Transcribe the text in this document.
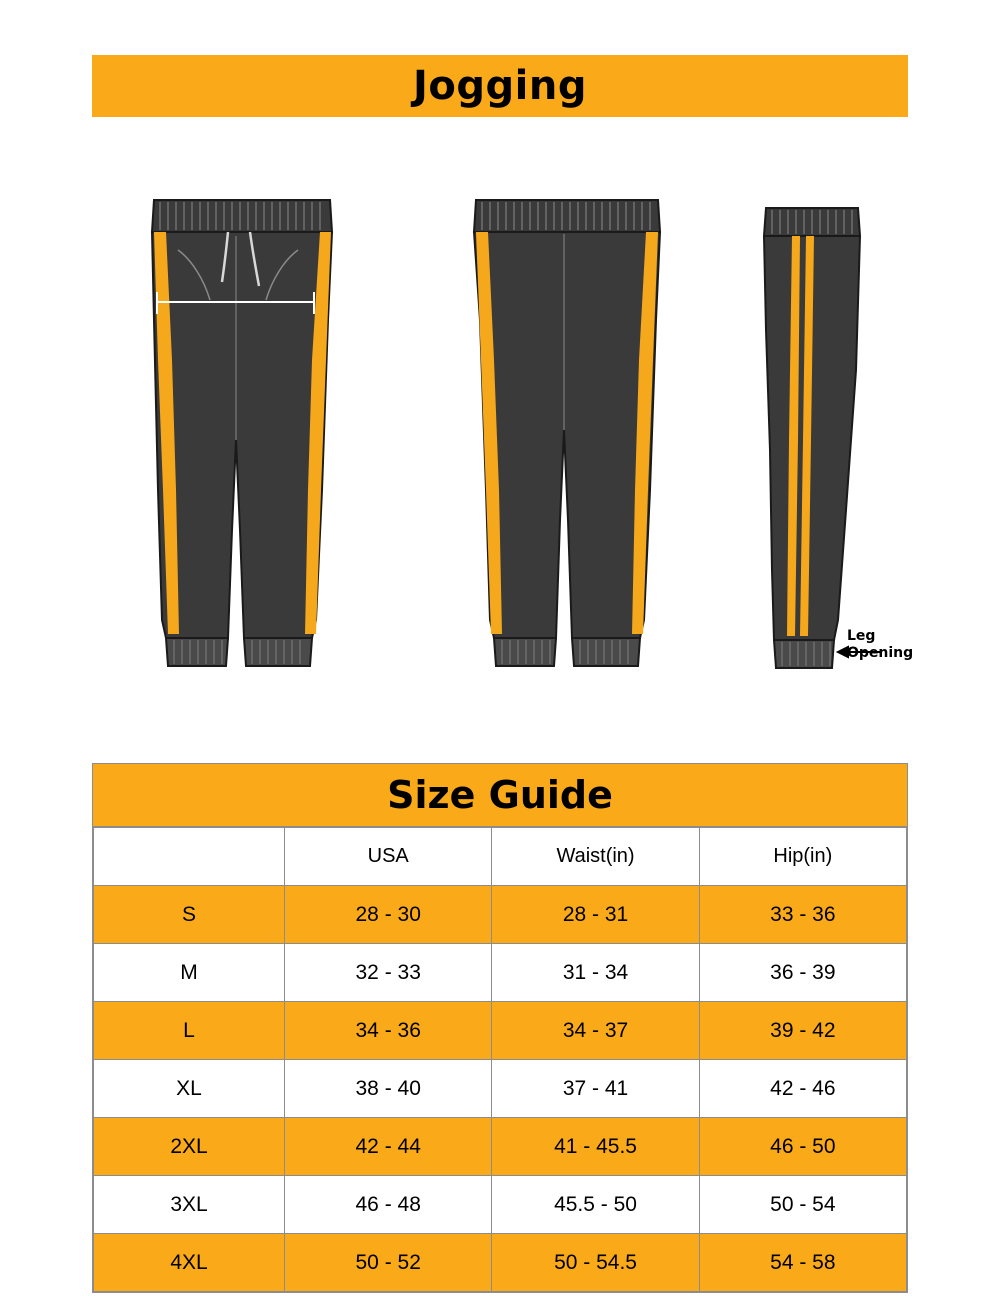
Jogging
Hip
Leg
Opening
Size Guide
	USA	Waist(in)	Hip(in)
S	28 - 30	28 - 31	33 - 36
M	32 - 33	31 - 34	36 - 39
L	34 - 36	34 - 37	39 - 42
XL	38 - 40	37 - 41	42 - 46
2XL	42 - 44	41 - 45.5	46 - 50
3XL	46 - 48	45.5 - 50	50 - 54
4XL	50 - 52	50 - 54.5	54 - 58
